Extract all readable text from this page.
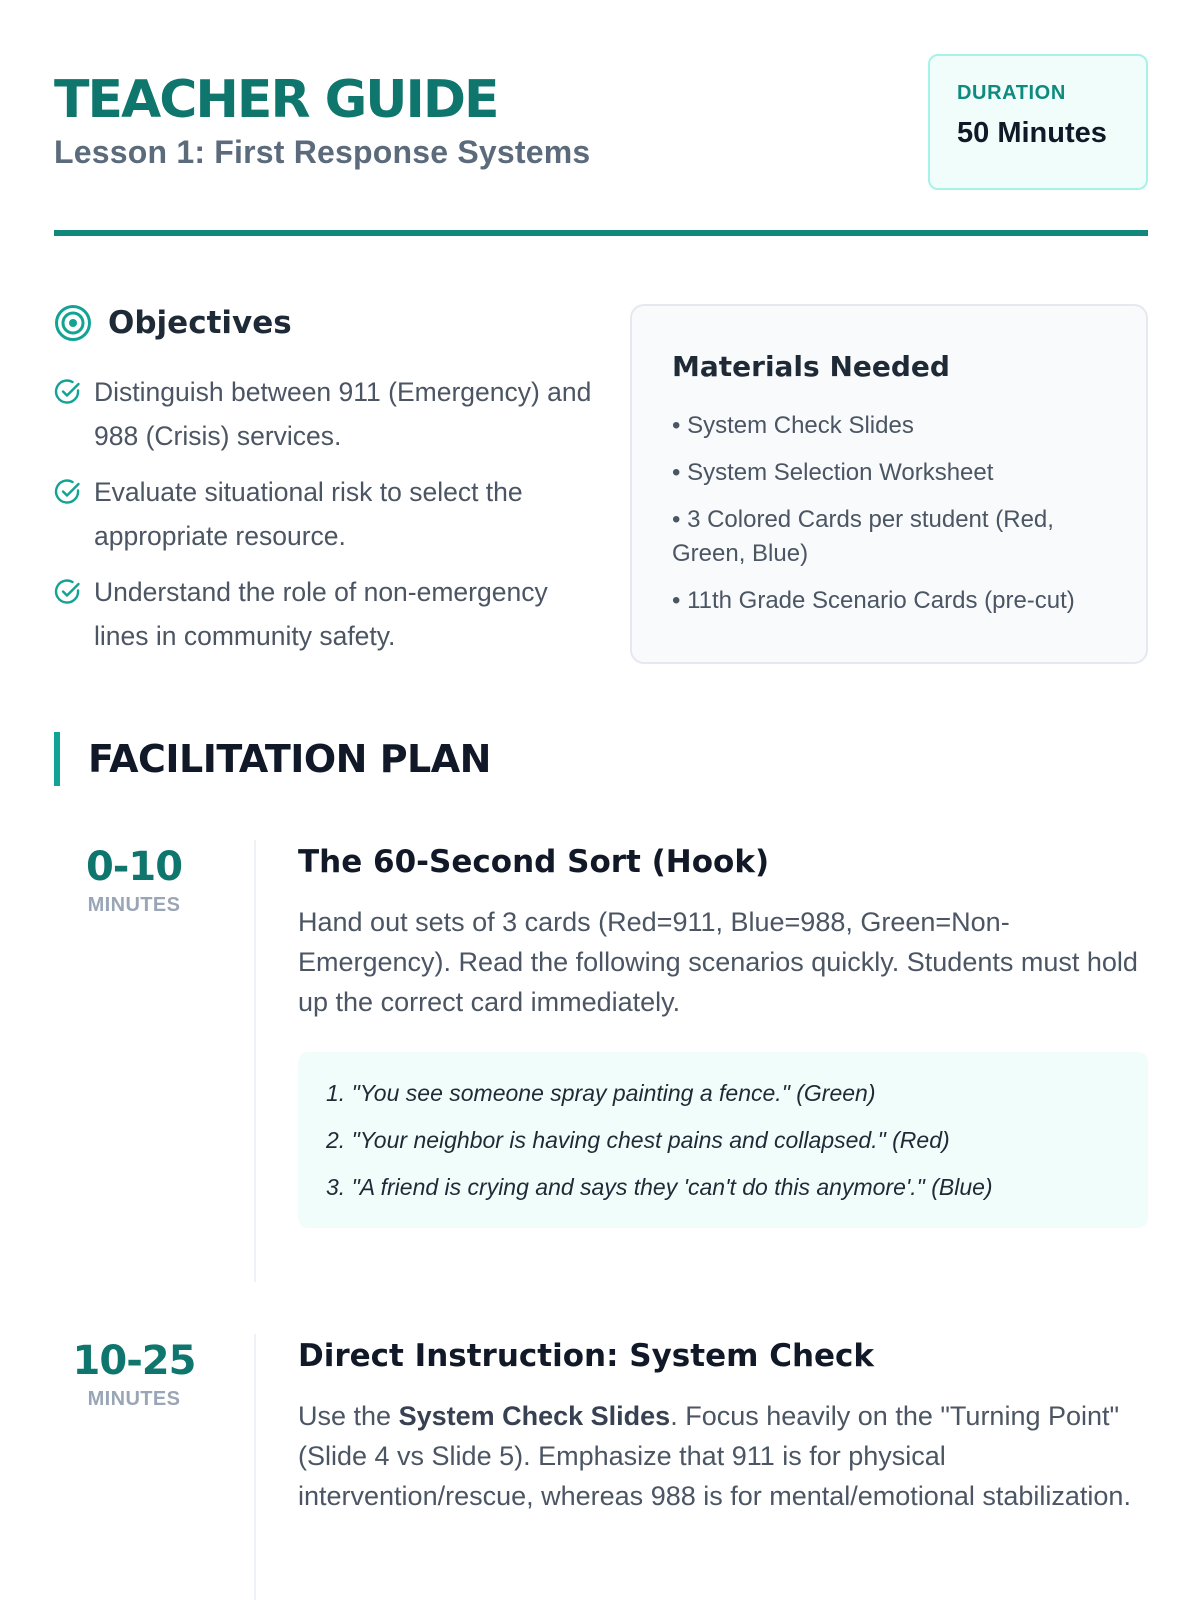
TEACHER GUIDE
Lesson 1: First Response Systems
DURATION
50 Minutes
Objectives
Distinguish between 911 (Emergency) and 988 (Crisis) services.
Evaluate situational risk to select the appropriate resource.
Understand the role of non-emergency lines in community safety.
Materials Needed
• System Check Slides
• System Selection Worksheet
• 3 Colored Cards per student (Red, Green, Blue)
• 11th Grade Scenario Cards (pre-cut)
FACILITATION PLAN
0-10
MINUTES
The 60-Second Sort (Hook)
Hand out sets of 3 cards (Red=911, Blue=988, Green=Non-Emergency). Read the following scenarios quickly. Students must hold up the correct card immediately.
1. "You see someone spray painting a fence." (Green)
2. "Your neighbor is having chest pains and collapsed." (Red)
3. "A friend is crying and says they 'can't do this anymore'." (Blue)
10-25
MINUTES
Direct Instruction: System Check
Use the System Check Slides. Focus heavily on the "Turning Point" (Slide 4 vs Slide 5). Emphasize that 911 is for physical intervention/rescue, whereas 988 is for mental/emotional stabilization.
